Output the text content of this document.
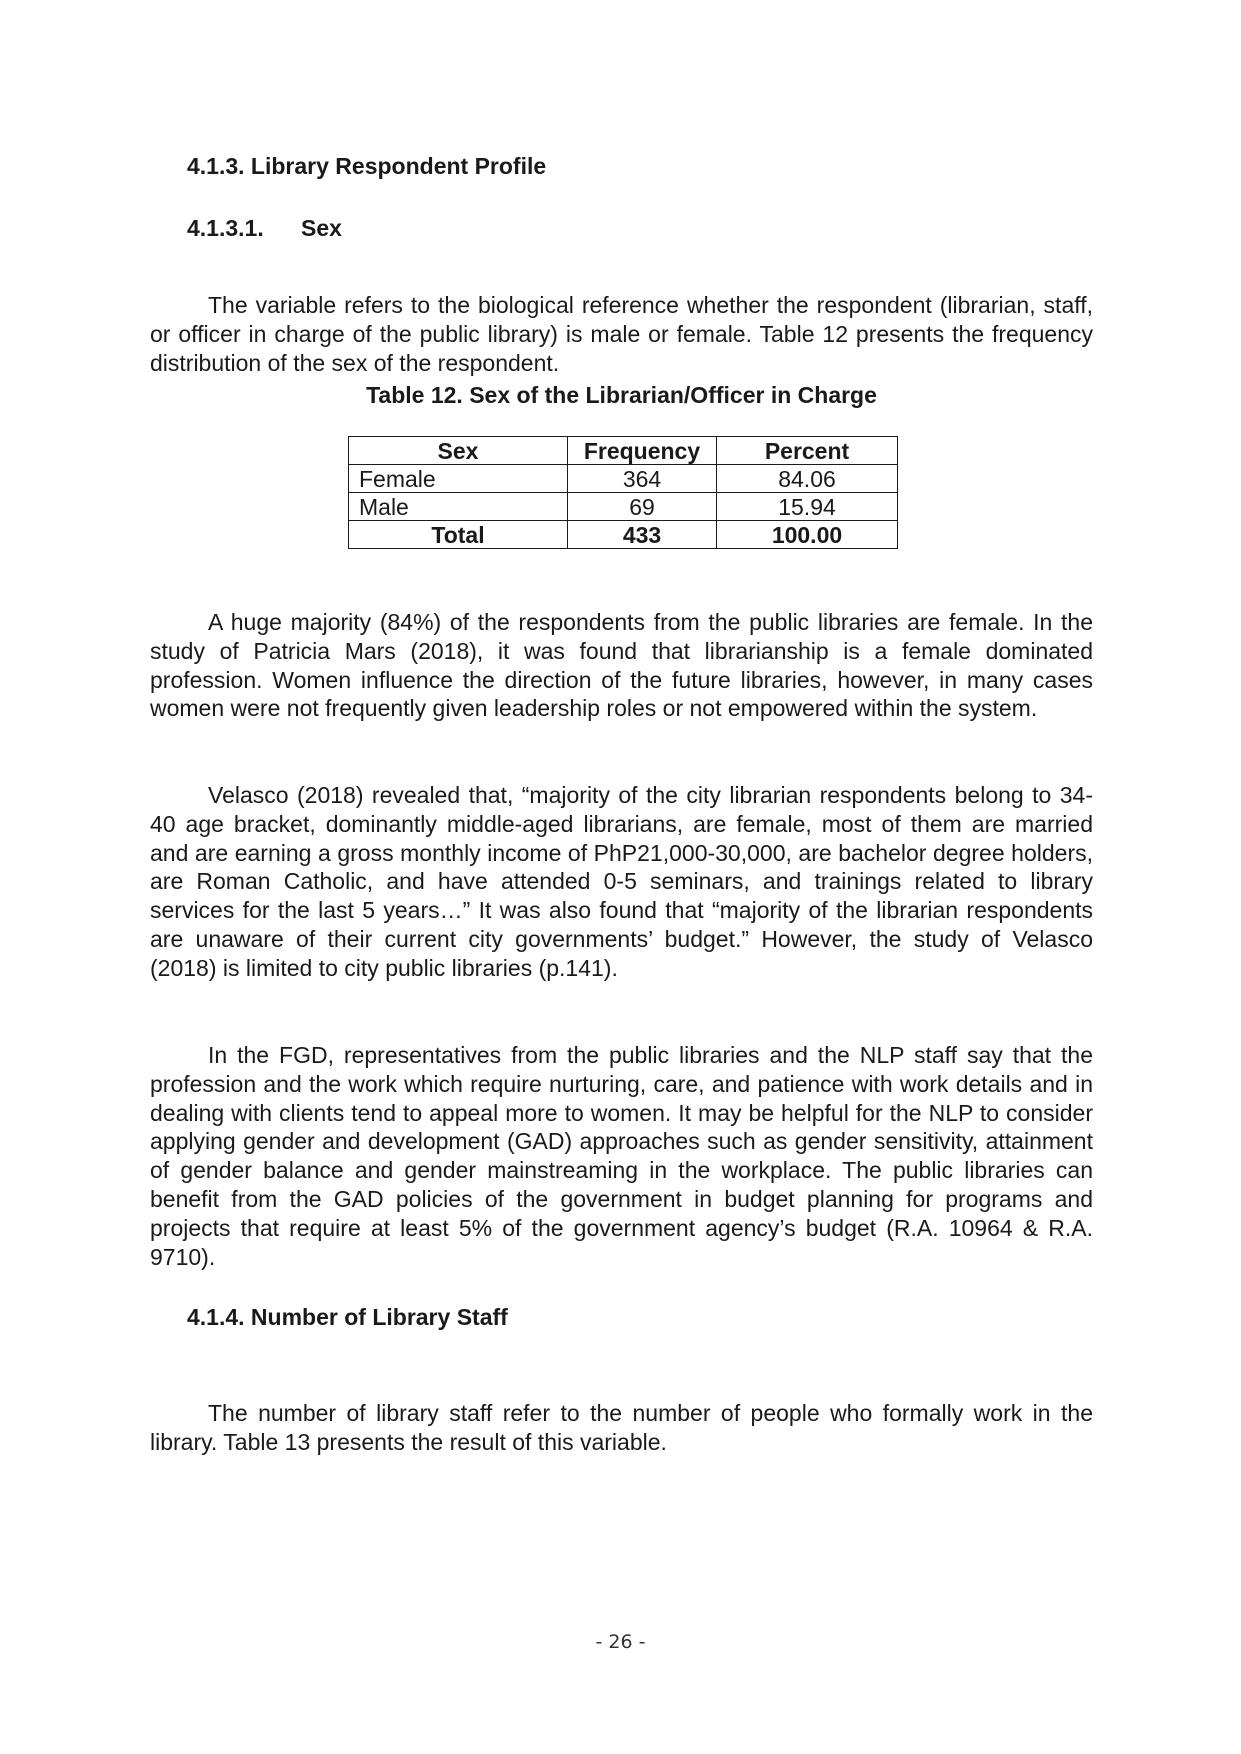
4.1.3. Library Respondent Profile
4.1.3.1. Sex

The variable refers to the biological reference whether the respondent (librarian, staff, or officer in charge of the public library) is male or female. Table 12 presents the frequency distribution of the sex of the respondent.

Table 12. Sex of the Librarian/Officer in Charge
Sex	Frequency	Percent
Female	364	84.06
Male	69	15.94
Total	433	100.00

A huge majority (84%) of the respondents from the public libraries are female. In the study of Patricia Mars (2018), it was found that librarianship is a female dominated profession. Women influence the direction of the future libraries, however, in many cases women were not frequently given leadership roles or not empowered within the system.

Velasco (2018) revealed that, “majority of the city librarian respondents belong to 34-40 age bracket, dominantly middle-aged librarians, are female, most of them are married and are earning a gross monthly income of PhP21,000-30,000, are bachelor degree holders, are Roman Catholic, and have attended 0-5 seminars, and trainings related to library services for the last 5 years…” It was also found that “majority of the librarian respondents are unaware of their current city governments’ budget.” However, the study of Velasco (2018) is limited to city public libraries (p.141).

In the FGD, representatives from the public libraries and the NLP staff say that the profession and the work which require nurturing, care, and patience with work details and in dealing with clients tend to appeal more to women. It may be helpful for the NLP to consider applying gender and development (GAD) approaches such as gender sensitivity, attainment of gender balance and gender mainstreaming in the workplace. The public libraries can benefit from the GAD policies of the government in budget planning for programs and projects that require at least 5% of the government agency’s budget (R.A. 10964 & R.A. 9710).

4.1.4. Number of Library Staff

The number of library staff refer to the number of people who formally work in the library. Table 13 presents the result of this variable.

- 26 -
